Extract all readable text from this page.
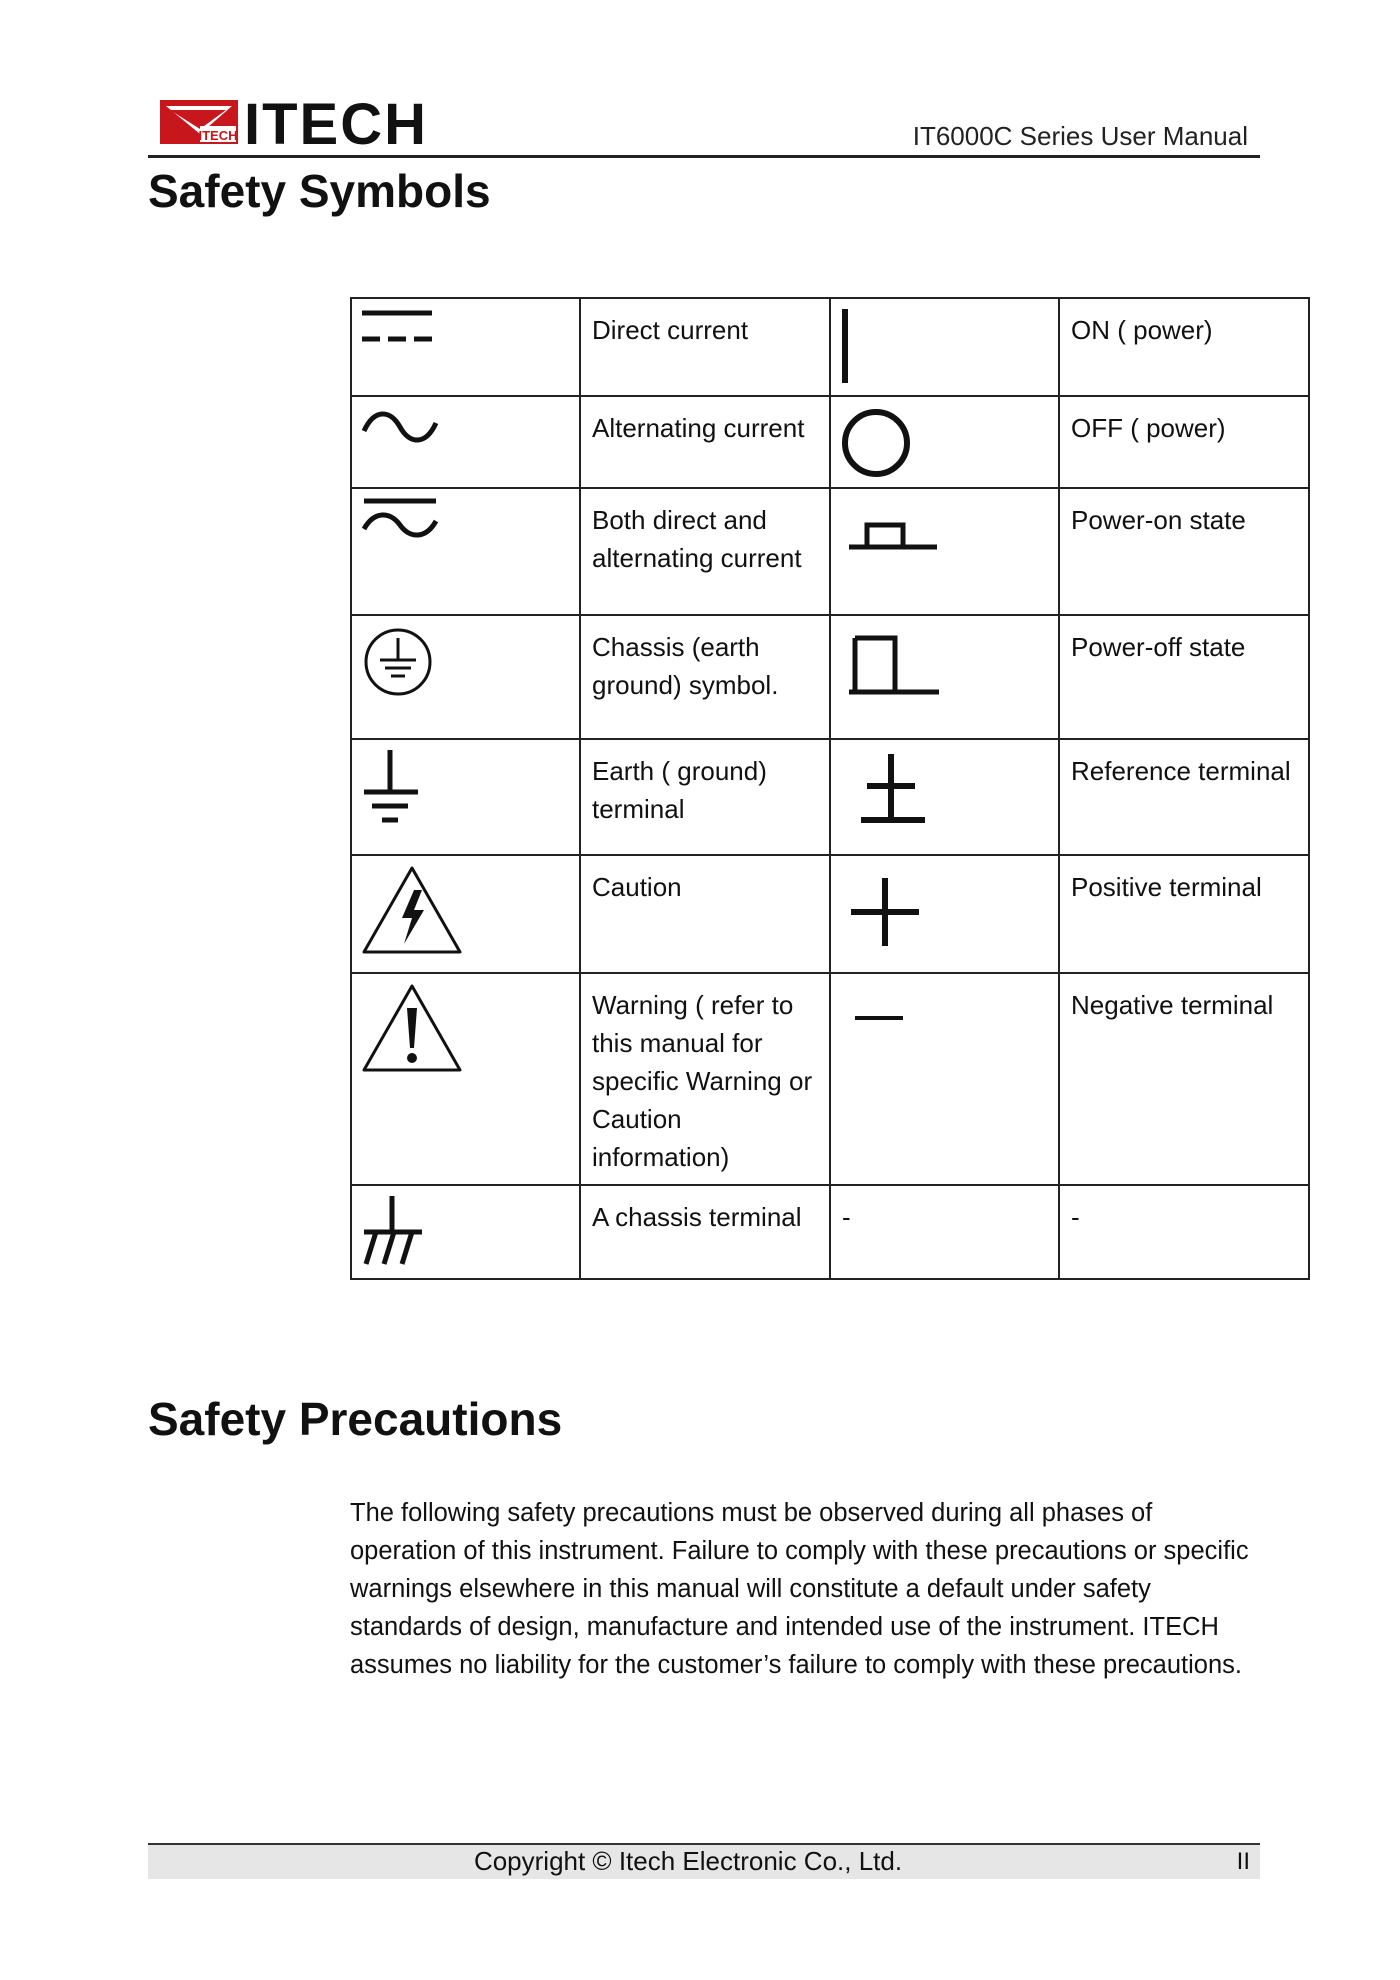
ITECH ITECH	IT6000C Series User Manual
Safety Symbols
	Direct current		ON ( power)

	Alternating current		OFF ( power)

	Both direct and alternating current		Power-on state

	Chassis (earth ground) symbol.		Power-off state

	Earth ( ground) terminal		Reference terminal

	Caution		Positive terminal

	Warning ( refer to this manual for specific Warning or Caution information)		Negative terminal

	A chassis terminal	-	-
Safety Precautions

The following safety precautions must be observed during all phases of operation of this instrument. Failure to comply with these precautions or specific warnings elsewhere in this manual will constitute a default under safety standards of design, manufacture and intended use of the instrument. ITECH assumes no liability for the customer’s failure to comply with these precautions.

Copyright © Itech Electronic Co., Ltd.	II
